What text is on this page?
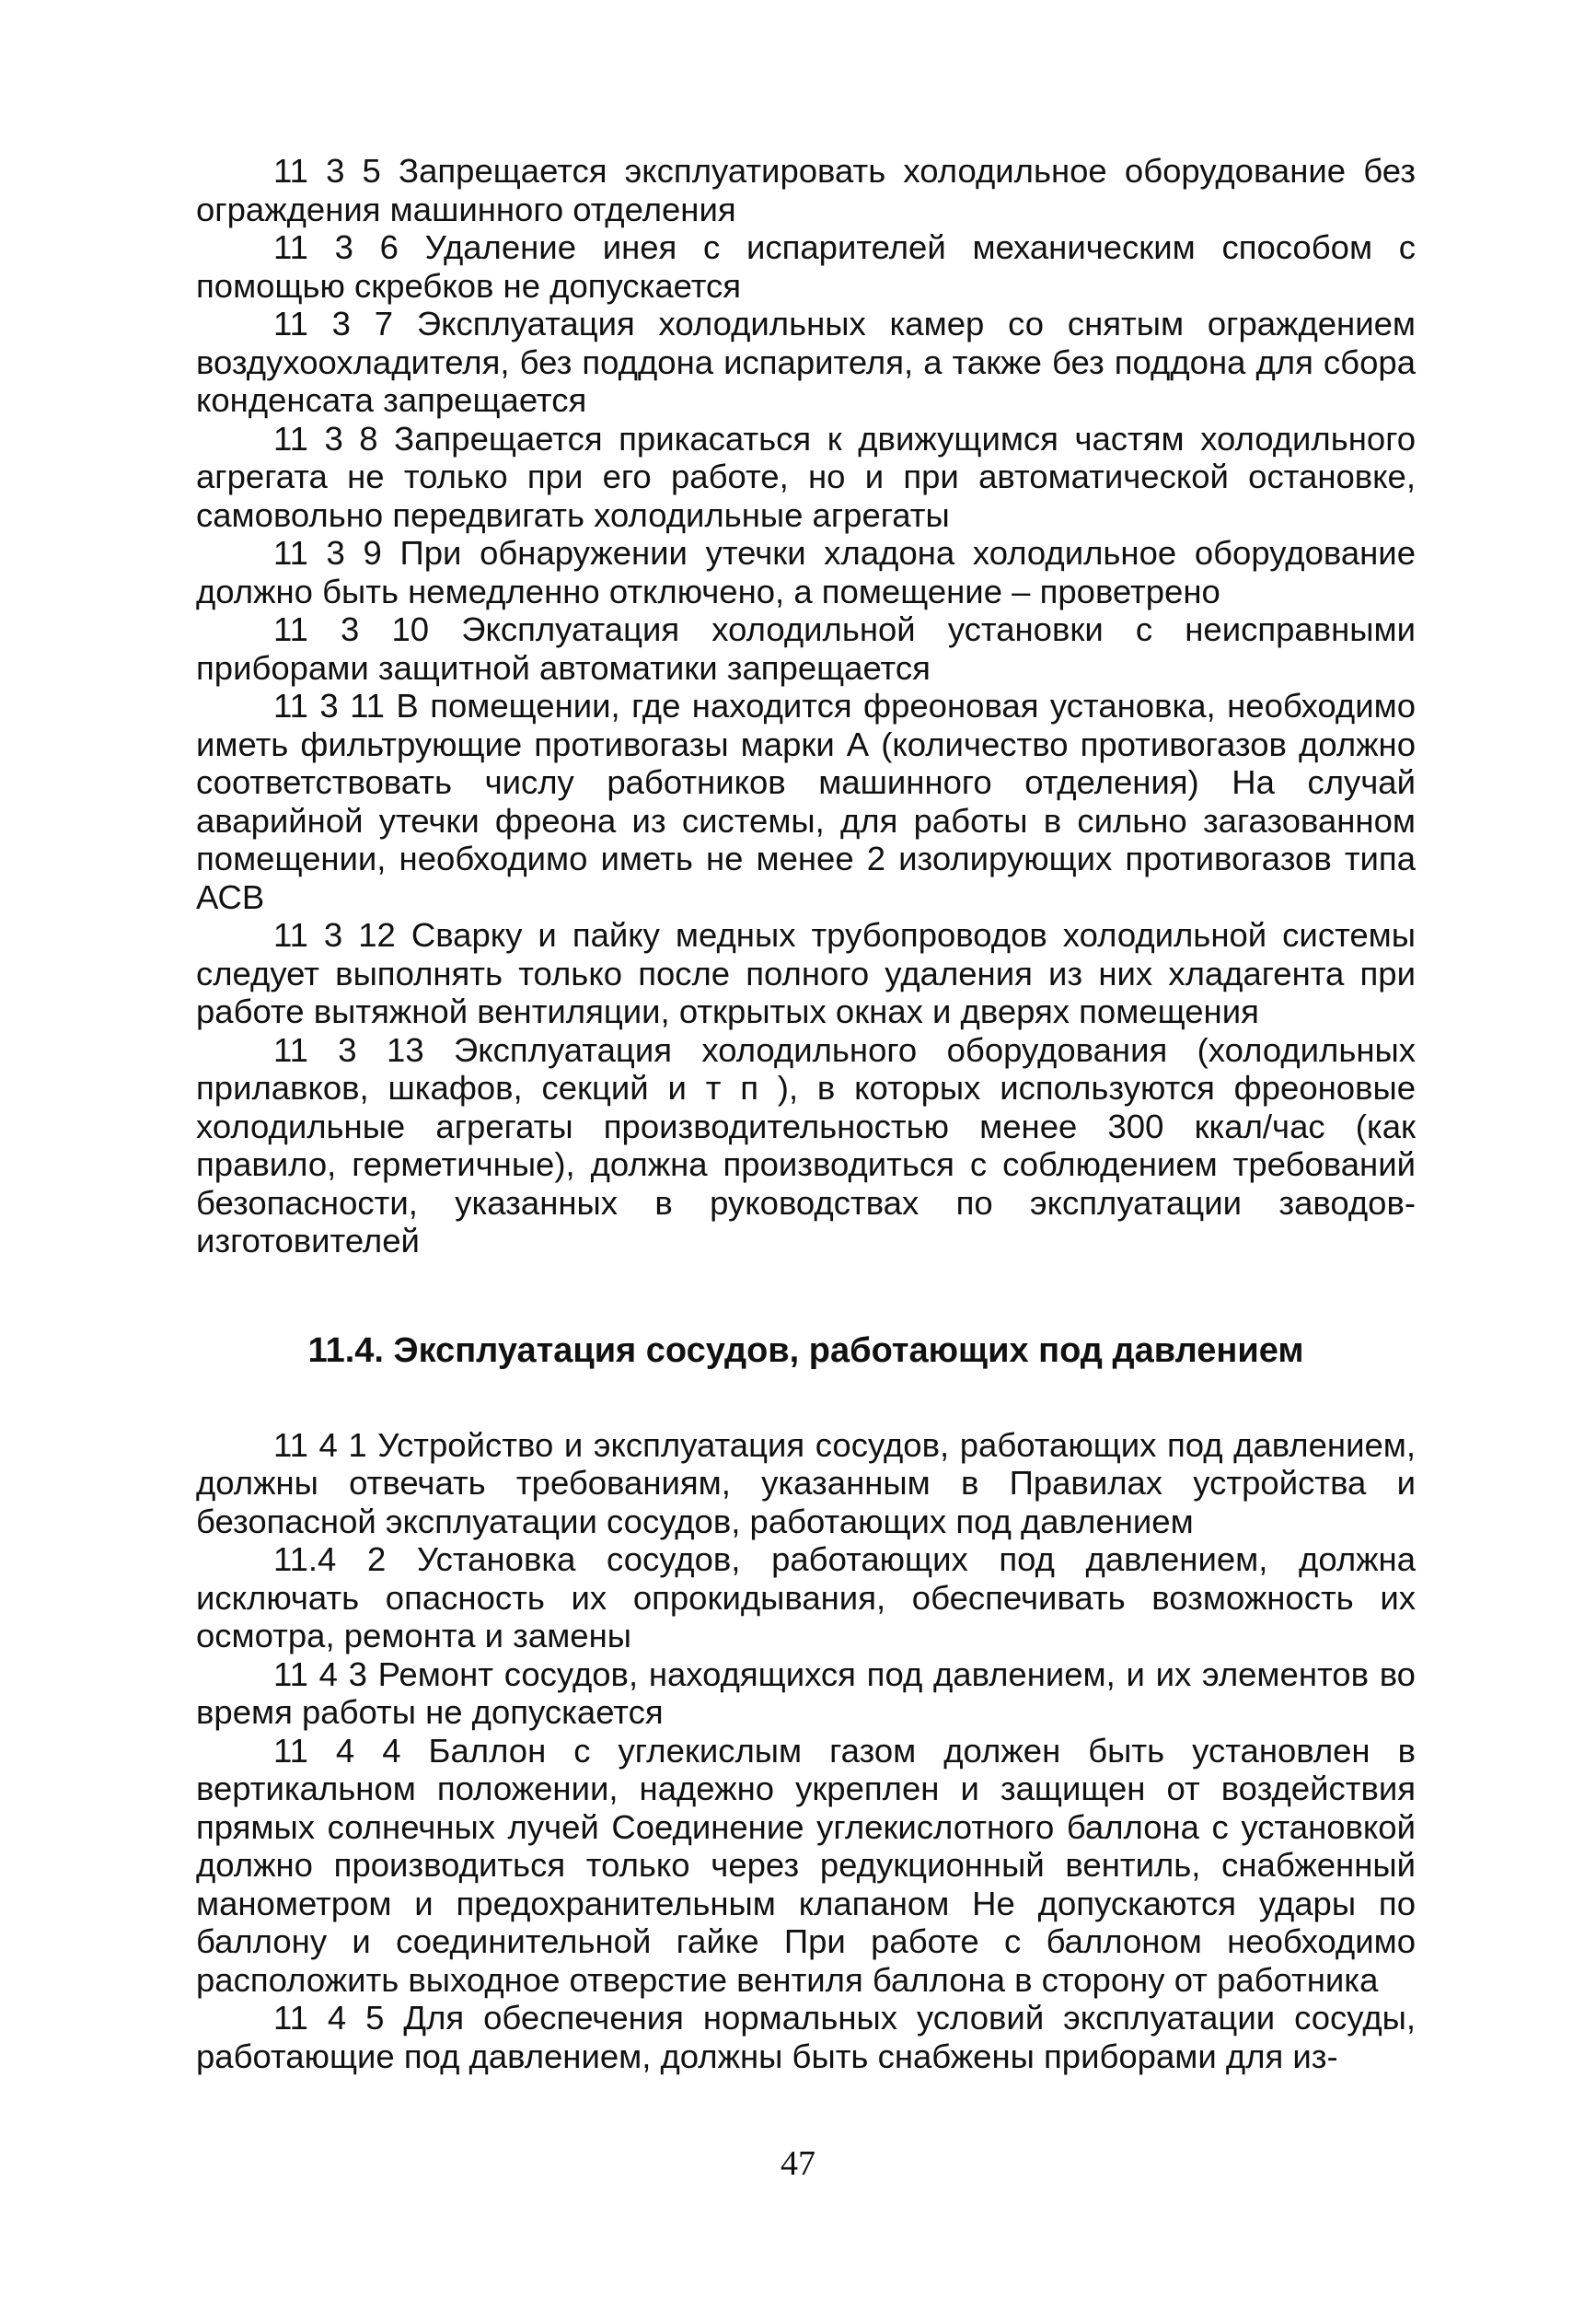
11 3 5 Запрещается эксплуатировать холодильное оборудование без ограждения машинного отделения

11 3 6 Удаление инея с испарителей механическим способом с помощью скребков не допускается

11 3 7 Эксплуатация холодильных камер со снятым ограждением воздухоохладителя, без поддона испарителя, а также без поддона для сбора конденсата запрещается

11 3 8 Запрещается прикасаться к движущимся частям холодильного агрегата не только при его работе, но и при автоматической остановке, самовольно передвигать холодильные агрегаты

11 3 9 При обнаружении утечки хладона холодильное оборудование должно быть немедленно отключено, а помещение – проветрено

11 3 10 Эксплуатация холодильной установки с неисправными приборами защитной автоматики запрещается

11 3 11 В помещении, где находится фреоновая установка, необходимо иметь фильтрующие противогазы марки А (количество противогазов должно соответствовать числу работников машинного отделения) На случай аварийной утечки фреона из системы, для работы в сильно загазованном помещении, необходимо иметь не менее 2 изолирующих противогазов типа АСВ

11 3 12 Сварку и пайку медных трубопроводов холодильной системы следует выполнять только после полного удаления из них хладагента при работе вытяжной вентиляции, открытых окнах и дверях помещения

11 3 13 Эксплуатация холодильного оборудования (холодильных прилавков, шкафов, секций и т п ), в которых используются фреоновые холодильные агрегаты производительностью менее 300 ккал/час (как правило, герметичные), должна производиться с соблюдением требований безопасности, указанных в руководствах по эксплуатации заводов-изготовителей

11.4. Эксплуатация сосудов, работающих под давлением

11 4 1 Устройство и эксплуатация сосудов, работающих под давлением, должны отвечать требованиям, указанным в Правилах устройства и безопасной эксплуатации сосудов, работающих под давлением

11.4 2 Установка сосудов, работающих под давлением, должна исключать опасность их опрокидывания, обеспечивать возможность их осмотра, ремонта и замены

11 4 3 Ремонт сосудов, находящихся под давлением, и их элементов во время работы не допускается

11 4 4 Баллон с углекислым газом должен быть установлен в вертикальном положении, надежно укреплен и защищен от воздействия прямых солнечных лучей Соединение углекислотного баллона с установкой должно производиться только через редукционный вентиль, снабженный манометром и предохранительным клапаном Не допускаются удары по баллону и соединительной гайке При работе с баллоном необходимо расположить выходное отверстие вентиля баллона в сторону от работника

11 4 5 Для обеспечения нормальных условий эксплуатации сосуды, работающие под давлением, должны быть снабжены приборами для из-

47
